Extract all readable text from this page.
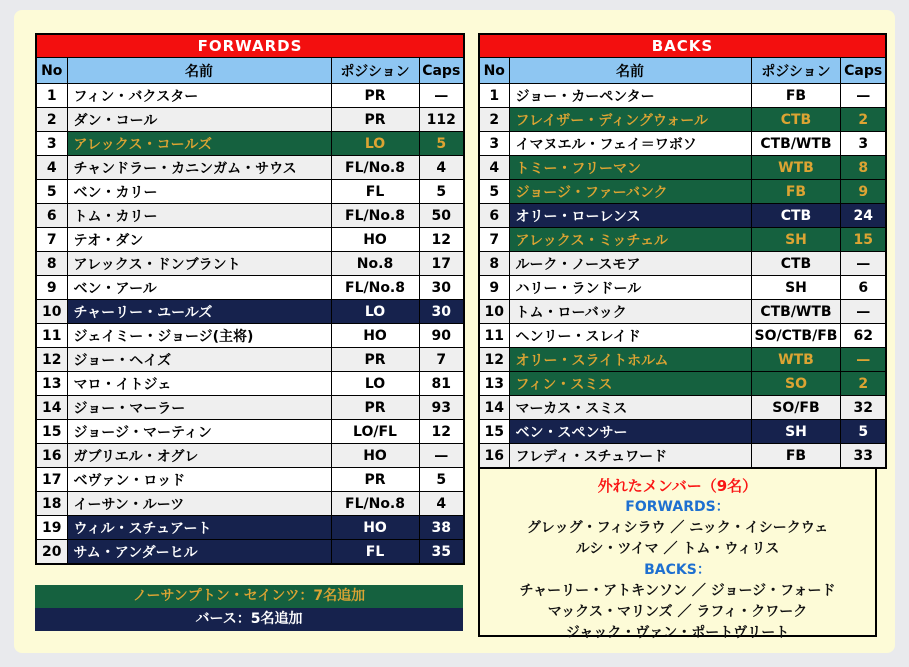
FORWARDS			
No	名前	ポジション	Caps
1	フィン・バクスター	PR	—
2	ダン・コール	PR	112
3	アレックス・コールズ	LO	5
4	チャンドラー・カニンガム・サウス	FL/No.8	4
5	ベン・カリー	FL	5
6	トム・カリー	FL/No.8	50
7	テオ・ダン	HO	12
8	アレックス・ドンブラント	No.8	17
9	ベン・アール	FL/No.8	30
10	チャーリー・ユールズ	LO	30
11	ジェイミー・ジョージ(主将)	HO	90
12	ジョー・ヘイズ	PR	7
13	マロ・イトジェ	LO	81
14	ジョー・マーラー	PR	93
15	ジョージ・マーティン	LO/FL	12
16	ガブリエル・オグレ	HO	—
17	ベヴァン・ロッド	PR	5
18	イーサン・ルーツ	FL/No.8	4
19	ウィル・スチュアート	HO	38
20	サム・アンダーヒル	FL	35
ノーサンプトン・セインツ：7名追加
バース：5名追加
BACKS			
No	名前	ポジション	Caps
1	ジョー・カーペンター	FB	—
2	フレイザー・ディングウォール	CTB	2
3	イマヌエル・フェイ＝ワボソ	CTB/WTB	3
4	トミー・フリーマン	WTB	8
5	ジョージ・ファーバンク	FB	9
6	オリー・ローレンス	CTB	24
7	アレックス・ミッチェル	SH	15
8	ルーク・ノースモア	CTB	—
9	ハリー・ランドール	SH	6
10	トム・ローバック	CTB/WTB	—
11	ヘンリー・スレイド	SO/CTB/FB	62
12	オリー・スライトホルム	WTB	—
13	フィン・スミス	SO	2
14	マーカス・スミス	SO/FB	32
15	ベン・スペンサー	SH	5
16	フレディ・スチュワード	FB	33
外れたメンバー（9名）
FORWARDS：
グレッグ・フィシラウ ／ ニック・イシークウェ
ルシ・ツイマ ／ トム・ウィリス
BACKS：
チャーリー・アトキンソン ／ ジョージ・フォード
マックス・マリンズ ／ ラフィ・クワーク
ジャック・ヴァン・ポートヴリート
